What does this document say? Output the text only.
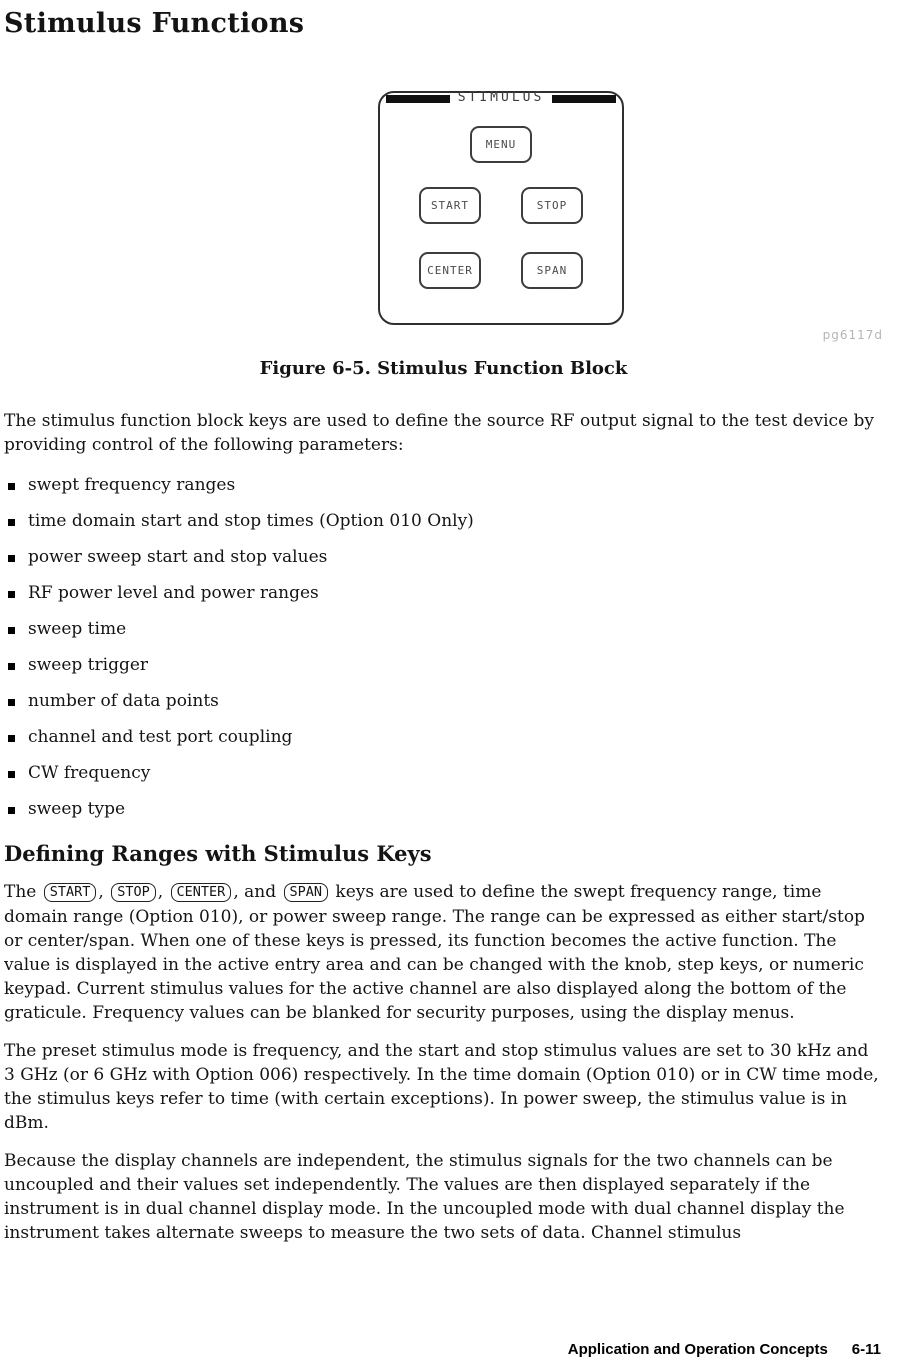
Stimulus Functions
STIMULUS
MENU
START	STOP
CENTER	SPAN
pg6117d
Figure 6-5. Stimulus Function Block

The stimulus function block keys are used to define the source RF output signal to the test device by providing control of the following parameters:

swept frequency ranges
time domain start and stop times (Option 010 Only)
power sweep start and stop values
RF power level and power ranges
sweep time
sweep trigger
number of data points
channel and test port coupling
CW frequency
sweep type
Defining Ranges with Stimulus Keys

The START , STOP , CENTER , and SPAN keys are used to define the swept frequency range, time domain range (Option 010), or power sweep range. The range can be expressed as either start/stop or center/span. When one of these keys is pressed, its function becomes the active function. The value is displayed in the active entry area and can be changed with the knob, step keys, or numeric keypad. Current stimulus values for the active channel are also displayed along the bottom of the graticule. Frequency values can be blanked for security purposes, using the display menus.

The preset stimulus mode is frequency, and the start and stop stimulus values are set to 30 kHz and 3 GHz (or 6 GHz with Option 006) respectively. In the time domain (Option 010) or in CW time mode, the stimulus keys refer to time (with certain exceptions). In power sweep, the stimulus value is in dBm.

Because the display channels are independent, the stimulus signals for the two channels can be uncoupled and their values set independently. The values are then displayed separately if the instrument is in dual channel display mode. In the uncoupled mode with dual channel display the instrument takes alternate sweeps to measure the two sets of data. Channel stimulus

Application and Operation Concepts 6-11
